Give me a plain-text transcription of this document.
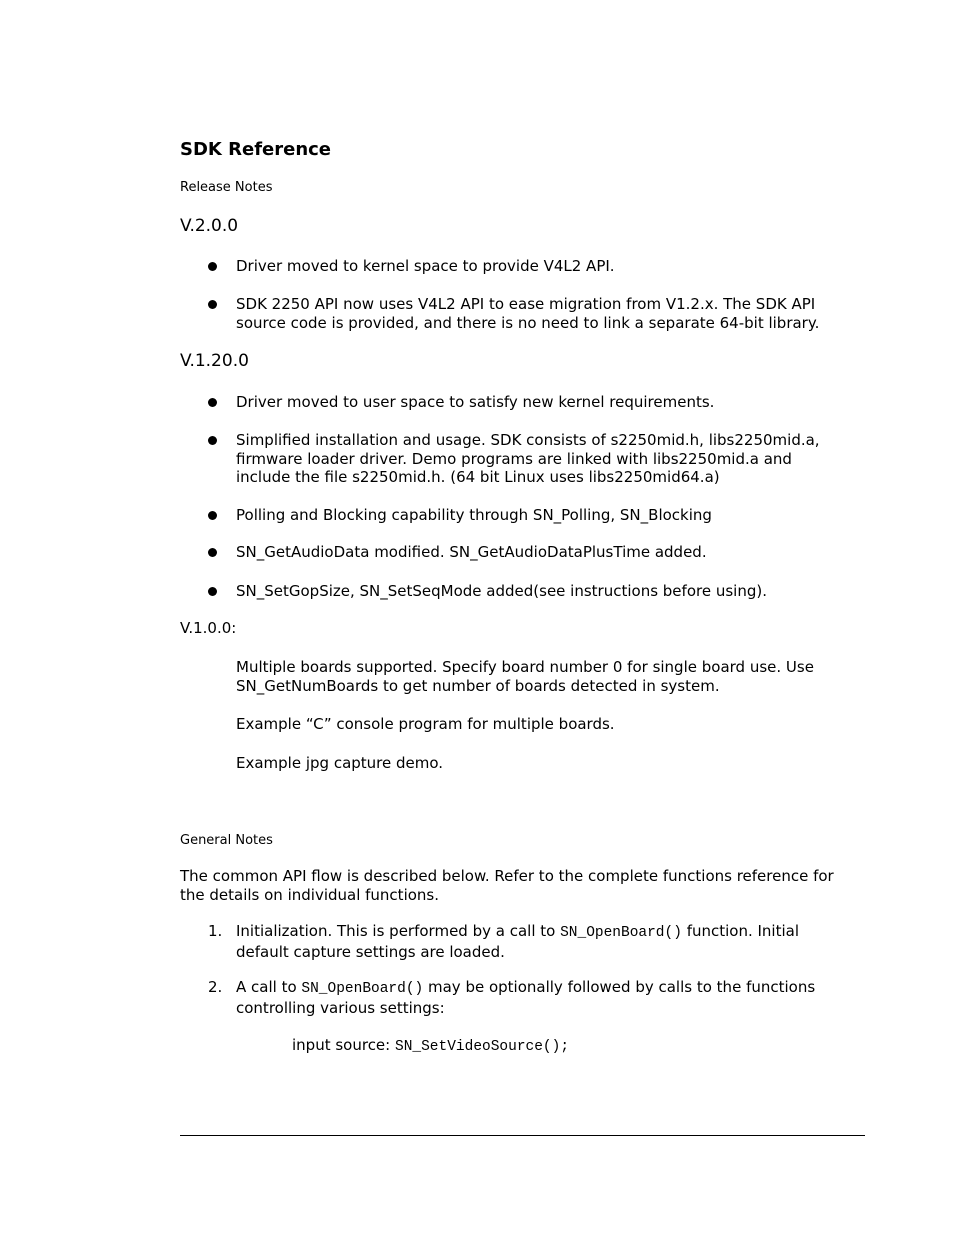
SDK Reference
Release Notes
V.2.0.0
Driver moved to kernel space to provide V4L2 API.
SDK 2250 API now uses V4L2 API to ease migration from V1.2.x. The SDK API
source code is provided, and there is no need to link a separate 64-bit library.
V.1.20.0
Driver moved to user space to satisfy new kernel requirements.
Simplified installation and usage. SDK consists of s2250mid.h, libs2250mid.a,
firmware loader driver. Demo programs are linked with libs2250mid.a and
include the file s2250mid.h. (64 bit Linux uses libs2250mid64.a)
Polling and Blocking capability through SN_Polling, SN_Blocking
SN_GetAudioData modified. SN_GetAudioDataPlusTime added.
SN_SetGopSize, SN_SetSeqMode added(see instructions before using).
V.1.0.0:
Multiple boards supported. Specify board number 0 for single board use. Use
SN_GetNumBoards to get number of boards detected in system.
Example “C” console program for multiple boards.
Example jpg capture demo.
General Notes
The common API flow is described below. Refer to the complete functions reference for
the details on individual functions.
1. Initialization. This is performed by a call to SN_OpenBoard() function. Initial
default capture settings are loaded.
2. A call to SN_OpenBoard() may be optionally followed by calls to the functions
controlling various settings:
input source: SN_SetVideoSource();
